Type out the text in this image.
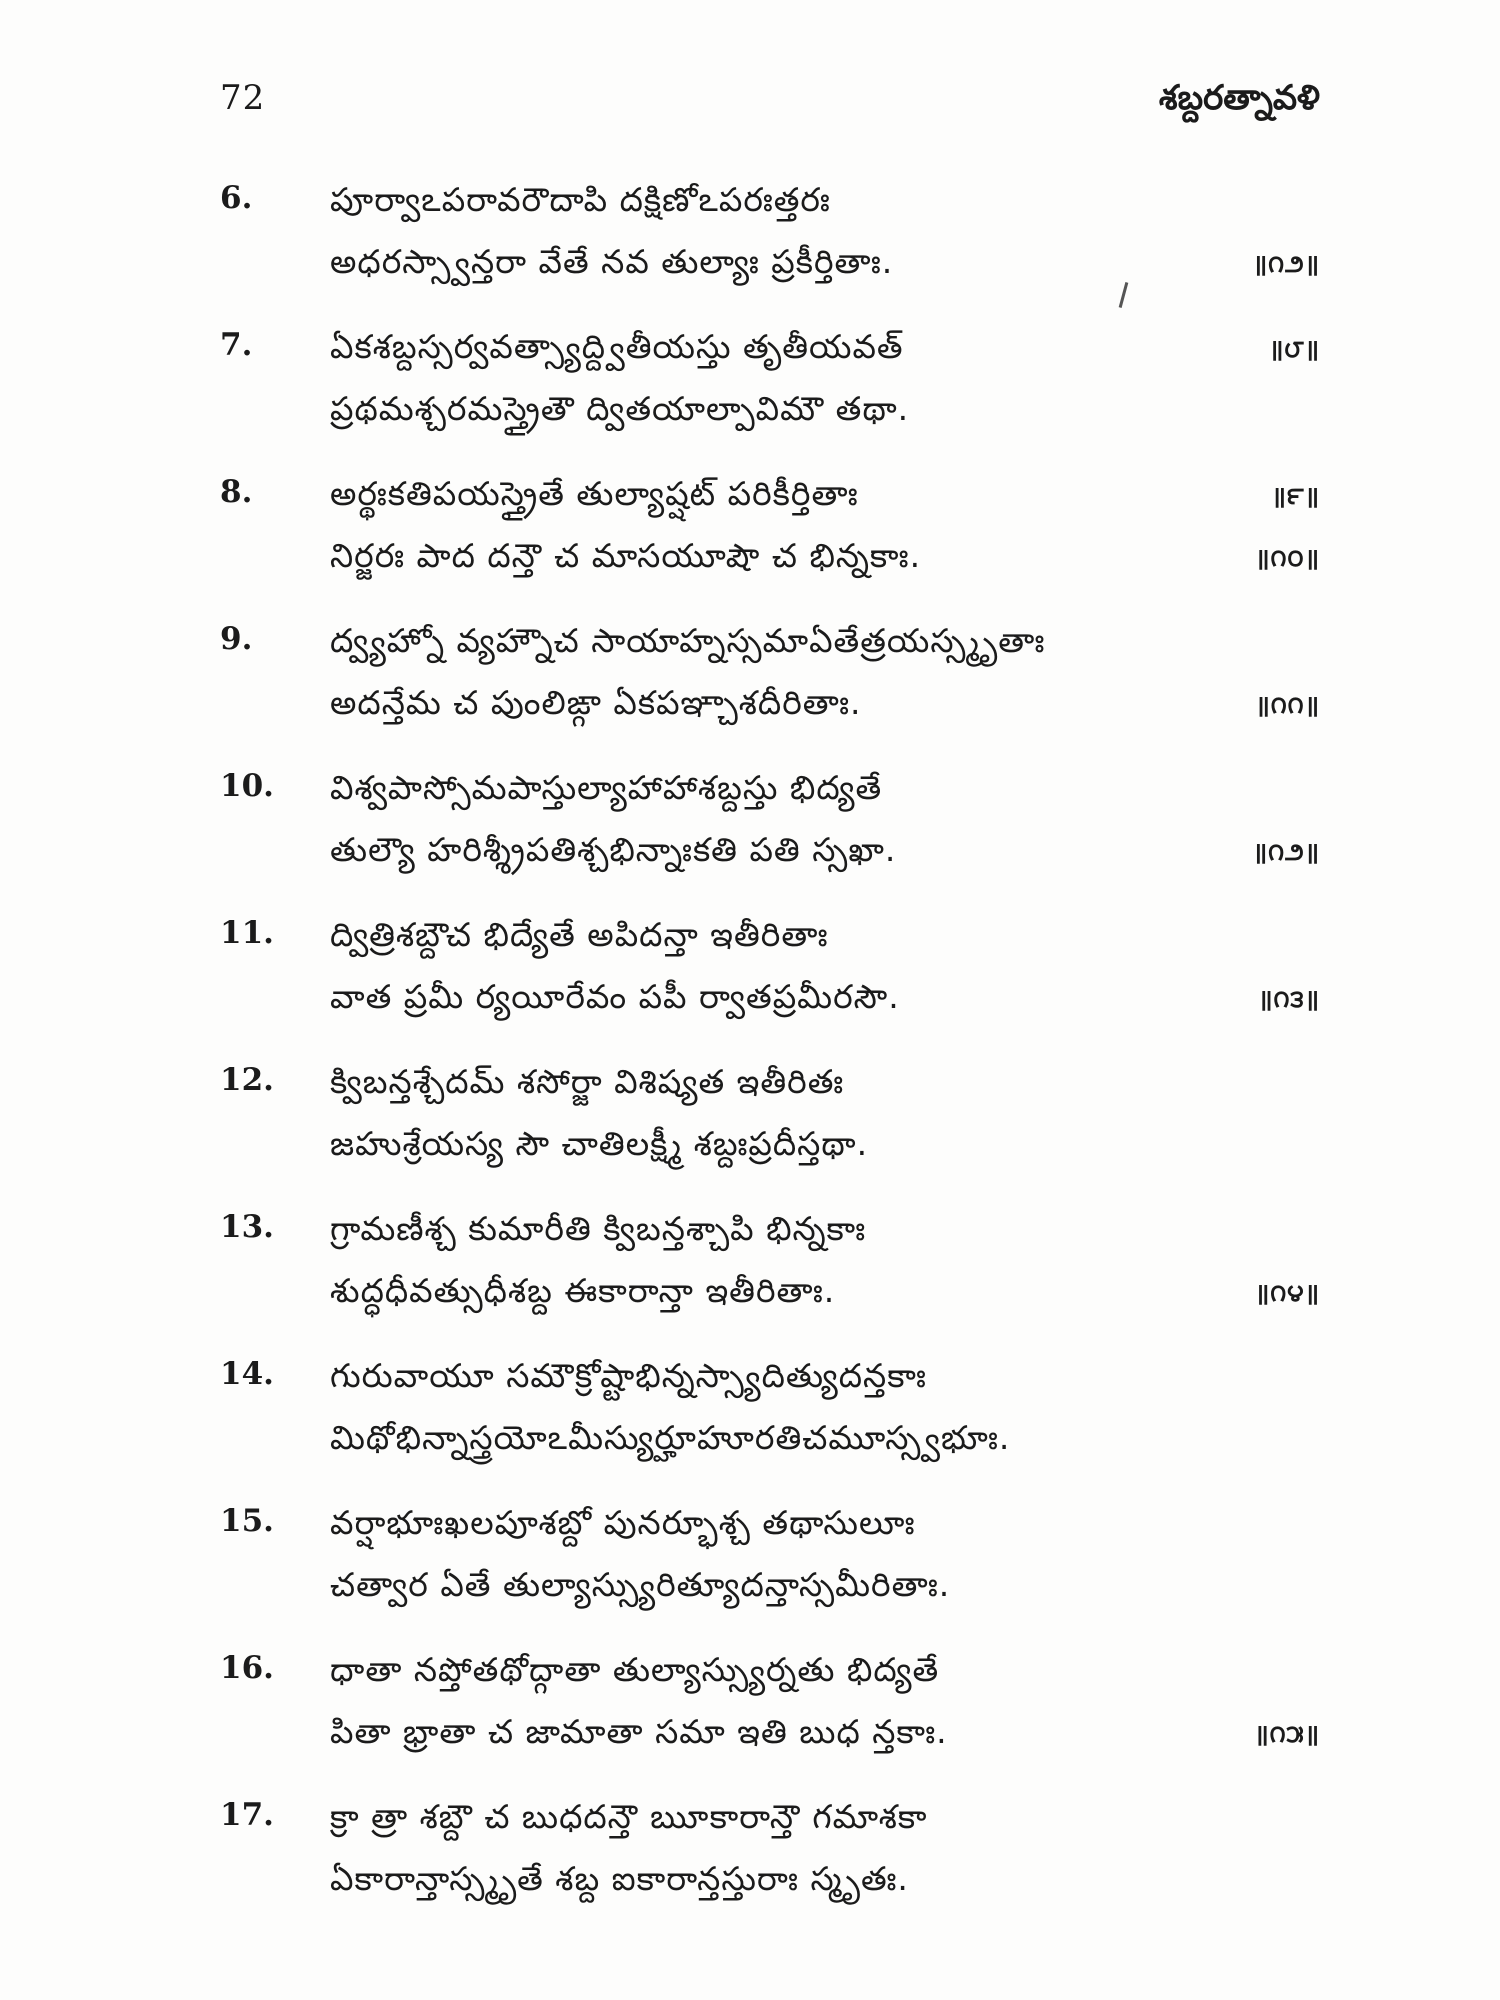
72	శబ్దరత్నావళి
6. పూర్వాఽపరావరౌదాపి దక్షిణోఽపరఃత్తరః
అధరస్స్వాన్తరా వేతే నవ తుల్యాః ప్రకీర్తితాః.	॥౧౨॥
7. ఏకశబ్దస్సర్వవత్స్యాద్ద్వితీయస్తు తృతీయవత్
ప్రథమశ్చరమస్త్రైతౌ ద్వితయాల్పావిమౌ తథా.
॥౮॥
8. అర్థఃకతిపయస్త్రైతే తుల్యాష్షట్ పరికీర్తితాః
నిర్జరః పాద దన్తౌ చ మాసయూషౌ చ భిన్నకాః.
॥౯॥
॥౧౦॥
9. ద్వ్యహ్నో వ్యహ్నౌచ సాయాహ్నస్సమాఏతేత్రయస్స్మృతాః
అదన్తేమ చ పుంలిఙ్గా ఏకపఞ్చాశదీరితాః.	॥౧౧॥
10. విశ్వపాస్సోమపాస్తుల్యాహాహాశబ్దస్తు భిద్యతే
తుల్యౌ హరిశ్శ్రీపతిశ్చభిన్నాఃకతి పతి స్సఖా.	॥౧౨॥
11. ద్విత్రిశబ్దౌచ భిద్యేతే అపిదన్తా ఇతీరితాః
వాత ప్రమీ ర్యయీరేవం పపీ ర్వాతప్రమీరసౌ.	॥౧౩॥
12. క్విబన్తశ్చేదమ్ శసోర్జా విశిష్యత ఇతీరితః
జహుశ్రేయస్య సౌ చాతిలక్ష్మీ శబ్దఃప్రదీస్తథా.
13. గ్రామణీశ్చ కుమారీతి క్విబన్తశ్చాపి భిన్నకాః
శుద్ధధీవత్సుధీశబ్ద ఈకారాన్తా ఇతీరితాః.	॥౧౪॥
14. గురువాయూ సమౌక్రోష్టాభిన్నస్స్యాదిత్యుదన్తకాః
మిథోభిన్నాస్త్రయోఽమీస్యుర్హూహూరతిచమూస్స్వభూః.
15. వర్షాభూఃఖలపూశబ్దో పునర్భూశ్చ తథాసులూః
చత్వార ఏతే తుల్యాస్స్యురిత్యూదన్తాస్సమీరితాః.
16. ధాతా నప్తోతథోద్గాతా తుల్యాస్స్యుర్నతు భిద్యతే
పితా భ్రాతా చ జామాతా సమా ఇతి బుధ న్తకాః.	॥౧౫॥
17. క్రా త్రా శబ్దౌ చ బుధదన్తౌ ౠకారాన్తౌ గమాశకా
ఏకారాన్తాస్స్మృతే శబ్ద ఐకారాన్తస్తురాః స్మృతః.
